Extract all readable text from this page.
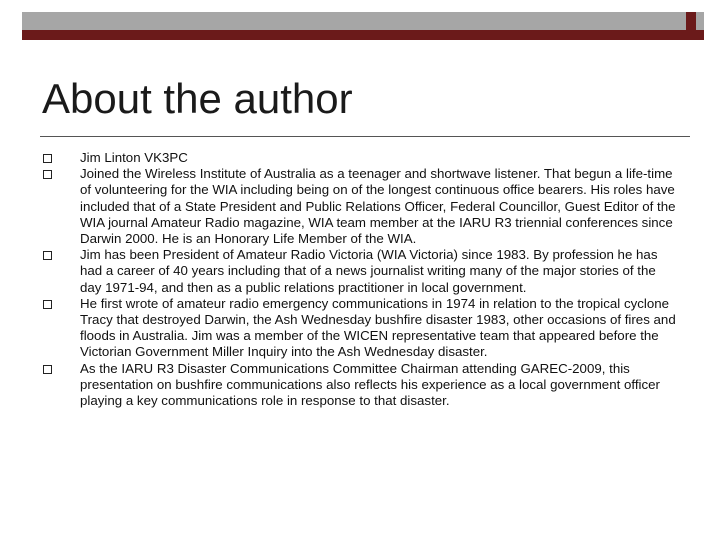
About the author
Jim Linton VK3PC
Joined the Wireless Institute of Australia as a teenager and shortwave listener. That begun a life-time of volunteering for the WIA including being on of the longest continuous office bearers. His roles have included that of a State President and Public Relations Officer, Federal Councillor, Guest Editor of the WIA journal Amateur Radio magazine, WIA team member at the IARU R3 triennial conferences since Darwin 2000. He is an Honorary Life Member of the WIA.
Jim has been President of Amateur Radio Victoria (WIA Victoria) since 1983. By profession he has had a career of 40 years including that of a news journalist writing many of the major stories of the day 1971-94, and then as a public relations practitioner in local government.
He first wrote of amateur radio emergency communications in 1974 in relation to the tropical cyclone Tracy that destroyed Darwin, the Ash Wednesday bushfire disaster 1983, other occasions of fires and floods in Australia. Jim was a member of the WICEN representative team that appeared before the Victorian Government Miller Inquiry into the Ash Wednesday disaster.
As the IARU R3 Disaster Communications Committee Chairman attending GAREC-2009, this presentation on bushfire communications also reflects his experience as a local government officer playing a key communications role in response to that disaster.
